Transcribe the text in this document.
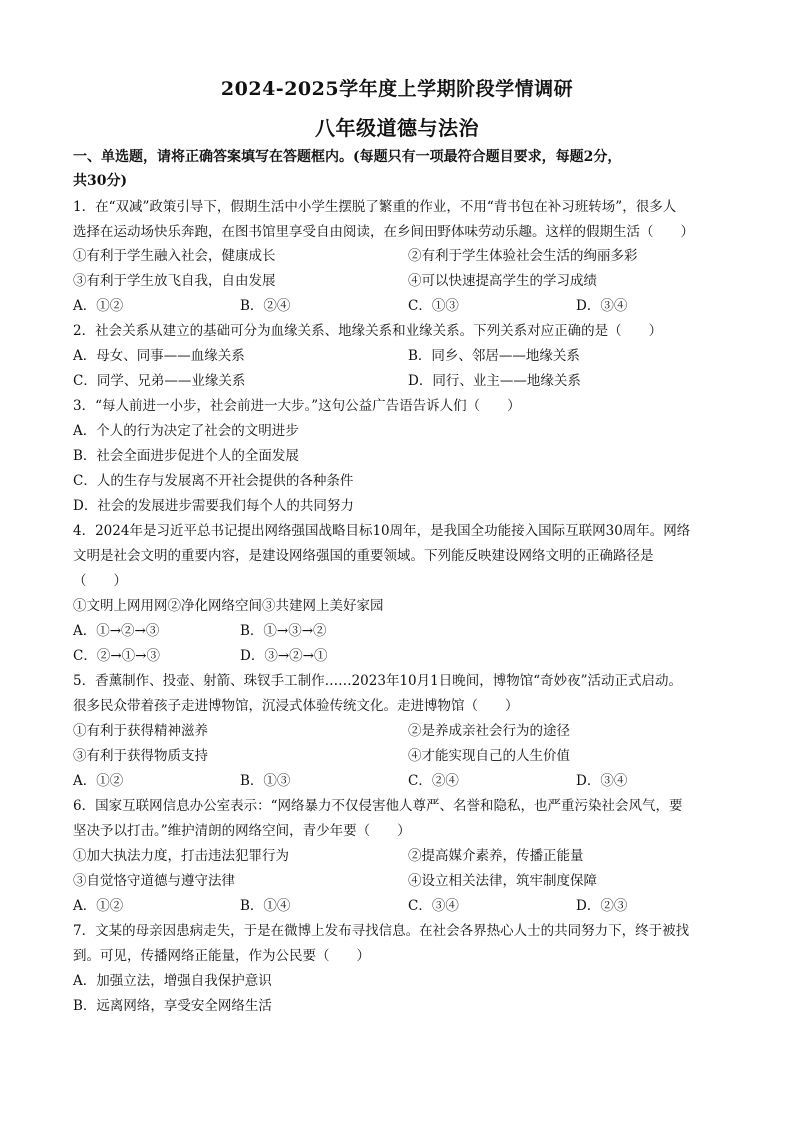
2024-2025学年度上学期阶段学情调研
八年级道德与法治
一、单选题，请将正确答案填写在答题框内。(每题只有一项最符合题目要求，每题2分，
共30分)
1．在“双减”政策引导下，假期生活中小学生摆脱了繁重的作业，不用“背书包在补习班转场”，很多人
选择在运动场快乐奔跑，在图书馆里享受自由阅读，在乡间田野体味劳动乐趣。这样的假期生活（　　）
①有利于学生融入社会，健康成长	②有利于学生体验社会生活的绚丽多彩
③有利于学生放飞自我，自由发展	④可以快速提高学生的学习成绩
A．①②	B．②④	C．①③	D．③④
2．社会关系从建立的基础可分为血缘关系、地缘关系和业缘关系。下列关系对应正确的是（　　）
A．母女、同事——血缘关系	B．同乡、邻居——地缘关系
C．同学、兄弟——业缘关系	D．同行、业主——地缘关系
3．“每人前进一小步，社会前进一大步。”这句公益广告语告诉人们（　　）
A．个人的行为决定了社会的文明进步
B．社会全面进步促进个人的全面发展
C．人的生存与发展离不开社会提供的各种条件
D．社会的发展进步需要我们每个人的共同努力
4．2024年是习近平总书记提出网络强国战略目标10周年，是我国全功能接入国际互联网30周年。网络
文明是社会文明的重要内容，是建设网络强国的重要领域。下列能反映建设网络文明的正确路径是
（　　）
①文明上网用网②净化网络空间③共建网上美好家园
A．①→②→③	B．①→③→②
C．②→①→③	D．③→②→①
5．香薰制作、投壶、射箭、珠钗手工制作……2023年10月1日晚间，博物馆“奇妙夜”活动正式启动。
很多民众带着孩子走进博物馆，沉浸式体验传统文化。走进博物馆（　　）
①有利于获得精神滋养	②是养成亲社会行为的途径
③有利于获得物质支持	④才能实现自己的人生价值
A．①②	B．①③	C．②④	D．③④
6．国家互联网信息办公室表示：“网络暴力不仅侵害他人尊严、名誉和隐私，也严重污染社会风气，要
坚决予以打击。”维护清朗的网络空间，青少年要（　　）
①加大执法力度，打击违法犯罪行为	②提高媒介素养，传播正能量
③自觉恪守道德与遵守法律	④设立相关法律，筑牢制度保障
A．①②	B．①④	C．③④	D．②③
7．文某的母亲因患病走失，于是在微博上发布寻找信息。在社会各界热心人士的共同努力下，终于被找
到。可见，传播网络正能量，作为公民要（　　）
A．加强立法，增强自我保护意识
B．远离网络，享受安全网络生活
